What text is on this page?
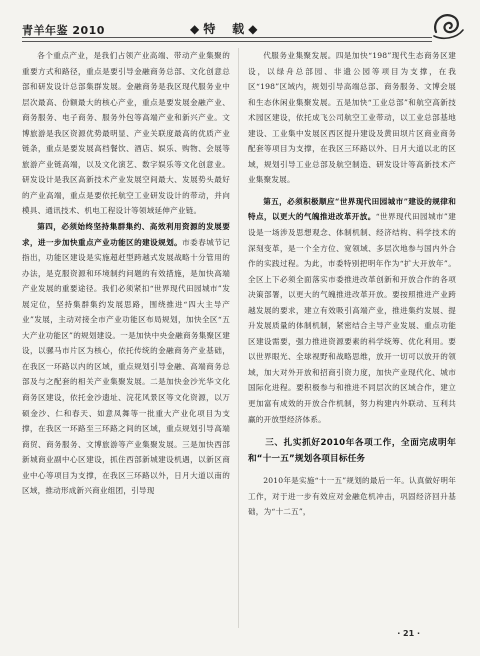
青羊年鉴 2010	◆ 特    载 ◆

各个重点产业，是我们占领产业高端、带动产业集聚的重要方式和路径，重点是要引导金融商务总部、文化创意总部和研发设计总部集群发展。金融商务是我区现代服务业中层次最高、份额最大的核心产业，重点是要发展金融产业、商务服务、电子商务、服务外包等高端产业和新兴产业。文博旅游是我区资源优势最明显、产业关联度最高的优质产业链条，重点是要发展高档餐饮、酒店、娱乐、购物、会展等旅游产业链高端，以及文化演艺、数字娱乐等文化创意业。研发设计是我区高新技术产业发展空间最大、发展势头最好的产业高端，重点是要依托航空工业研发设计的带动，并向模具、通讯技术、机电工程设计等领域延伸产业链。

第四，必须始终坚持集群集约、高效利用资源的发展要求，进一步加快重点产业功能区的建设规划。市委春城节记指出，功能区建设是实施超赶型跨越式发展战略十分管用的办法，是克服资源和环境制约问题的有效措施，是加快高端产业发展的重要途径。我们必须紧扣“世界现代田园城市”发展定位，坚持集群集约发展思路，围绕推进“四大主导产业”发展，主动对接全市产业功能区布局规划，加快全区“五大产业功能区”的规划建设。一是加快中央金融商务集聚区建设，以骡马市片区为核心，依托传统的金融商务产业基础，在我区一环路以内的区域，重点规划引导金融、高端商务总部及与之配套的相关产业集聚发展。二是加快金沙光华文化商务区建设，依托金沙遗址、浣花风景区等文化资源，以万硕金沙、仁和春天、如意凤舞等一批重大产业化项目为支撑，在我区一环路至三环路之间的区域，重点规划引导高端商贸、商务服务、文博旅游等产业集聚发展。三是加快西部新城商业副中心区建设，抓住西部新城建设机遇，以新区商业中心等项目为支撑，在我区三环路以外，日月大道以南的区域，推动形成新兴商业组团，引导现

代服务业集聚发展。四是加快“198”现代生态商务区建设，以绿舟总部园、非遗公园等项目为支撑，在我区“198”区域内，规划引导高端总部、商务服务、文博会展和生态休闲业集聚发展。五是加快“工业总部”和航空高新技术园区建设，依托成飞公司航空工业带动，以工业总部基地建设、工业集中发展区西区提升建设及黄田坝片区商业商务配套等项目为支撑，在我区三环路以外、日月大道以北的区域，规划引导工业总部及航空制造、研发设计等高新技术产业集聚发展。

第五，必须积极顺应“世界现代田园城市”建设的规律和特点，以更大的气魄推进改革开放。“世界现代田园城市”建设是一场涉及思想观念、体制机制、经济结构、科学技术的深刻变革，是一个全方位、宽领域、多层次地参与国内外合作的实践过程。为此，市委特别把明年作为“扩大开放年”。全区上下必须全面落实市委推进改革创新和开放合作的各项决策部署，以更大的气魄推进改革开放。要按照推进产业跨越发展的要求，建立有效吸引高端产业，推进集约发展、提升发展质量的体制机制，紧密结合主导产业发展、重点功能区建设需要，强力推进资源要素的科学统筹、优化利用。要以世界眼光、全球视野和战略思维，放开一切可以放开的领域，加大对外开放和招商引资力度，加快产业现代化、城市国际化进程。要积极参与和推进不同层次的区域合作，建立更加富有成效的开放合作机制，努力构建内外联动、互利共赢的开放型经济体系。

三、扎实抓好2010年各项工作，全面完成明年和“十一五”规划各项目标任务

2010年是实施“十一五”规划的最后一年。认真做好明年工作，对于进一步有效应对金融危机冲击，巩固经济回升基础，为“十二五”，

· 21 ·
